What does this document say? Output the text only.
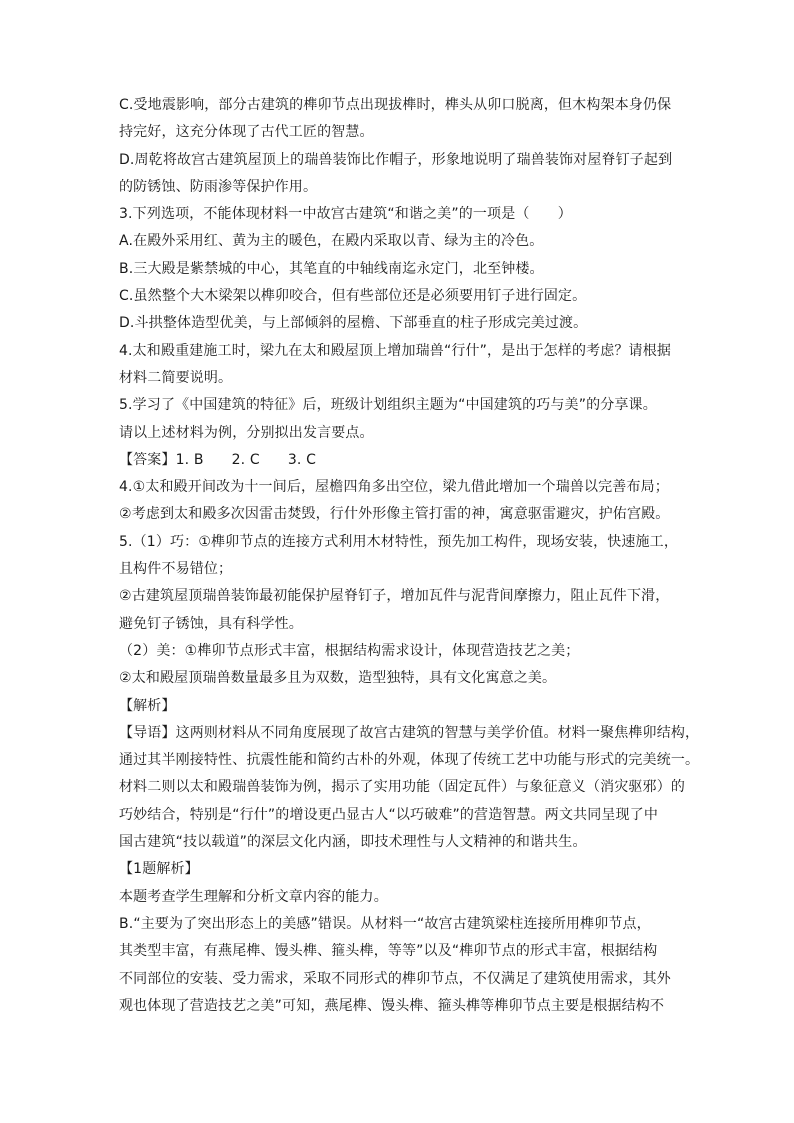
C.受地震影响，部分古建筑的榫卯节点出现拔榫时，榫头从卯口脱离，但木构架本身仍保
持完好，这充分体现了古代工匠的智慧。
D.周乾将故宫古建筑屋顶上的瑞兽装饰比作帽子，形象地说明了瑞兽装饰对屋脊钉子起到
的防锈蚀、防雨渗等保护作用。
3.下列选项，不能体现材料一中故宫古建筑“和谐之美”的一项是（　　）
A.在殿外采用红、黄为主的暖色，在殿内采取以青、绿为主的冷色。
B.三大殿是紫禁城的中心，其笔直的中轴线南迄永定门，北至钟楼。
C.虽然整个大木梁架以榫卯咬合，但有些部位还是必须要用钉子进行固定。
D.斗拱整体造型优美，与上部倾斜的屋檐、下部垂直的柱子形成完美过渡。
4.太和殿重建施工时，梁九在太和殿屋顶上增加瑞兽“行什”，是出于怎样的考虑？请根据
材料二简要说明。
5.学习了《中国建筑的特征》后，班级计划组织主题为“中国建筑的巧与美”的分享课。
请以上述材料为例，分别拟出发言要点。
【答案】1. B 2. C 3. C
4.①太和殿开间改为十一间后，屋檐四角多出空位，梁九借此增加一个瑞兽以完善布局；
②考虑到太和殿多次因雷击焚毁，行什外形像主管打雷的神，寓意驱雷避灾，护佑宫殿。
5.（1）巧：①榫卯节点的连接方式利用木材特性，预先加工构件，现场安装，快速施工，
且构件不易错位；
②古建筑屋顶瑞兽装饰最初能保护屋脊钉子，增加瓦件与泥背间摩擦力，阻止瓦件下滑，
避免钉子锈蚀，具有科学性。
（2）美：①榫卯节点形式丰富，根据结构需求设计，体现营造技艺之美；
②太和殿屋顶瑞兽数量最多且为双数，造型独特，具有文化寓意之美。
【解析】
【导语】这两则材料从不同角度展现了故宫古建筑的智慧与美学价值。材料一聚焦榫卯结构，
通过其半刚接特性、抗震性能和简约古朴的外观，体现了传统工艺中功能与形式的完美统一。
材料二则以太和殿瑞兽装饰为例，揭示了实用功能（固定瓦件）与象征意义（消灾驱邪）的
巧妙结合，特别是“行什”的增设更凸显古人“以巧破难”的营造智慧。两文共同呈现了中
国古建筑“技以载道”的深层文化内涵，即技术理性与人文精神的和谐共生。
【1题解析】
本题考查学生理解和分析文章内容的能力。
B.“主要为了突出形态上的美感”错误。从材料一“故宫古建筑梁柱连接所用榫卯节点，
其类型丰富，有燕尾榫、馒头榫、箍头榫，等等”以及“榫卯节点的形式丰富，根据结构
不同部位的安装、受力需求，采取不同形式的榫卯节点，不仅满足了建筑使用需求，其外
观也体现了营造技艺之美”可知，燕尾榫、馒头榫、箍头榫等榫卯节点主要是根据结构不
